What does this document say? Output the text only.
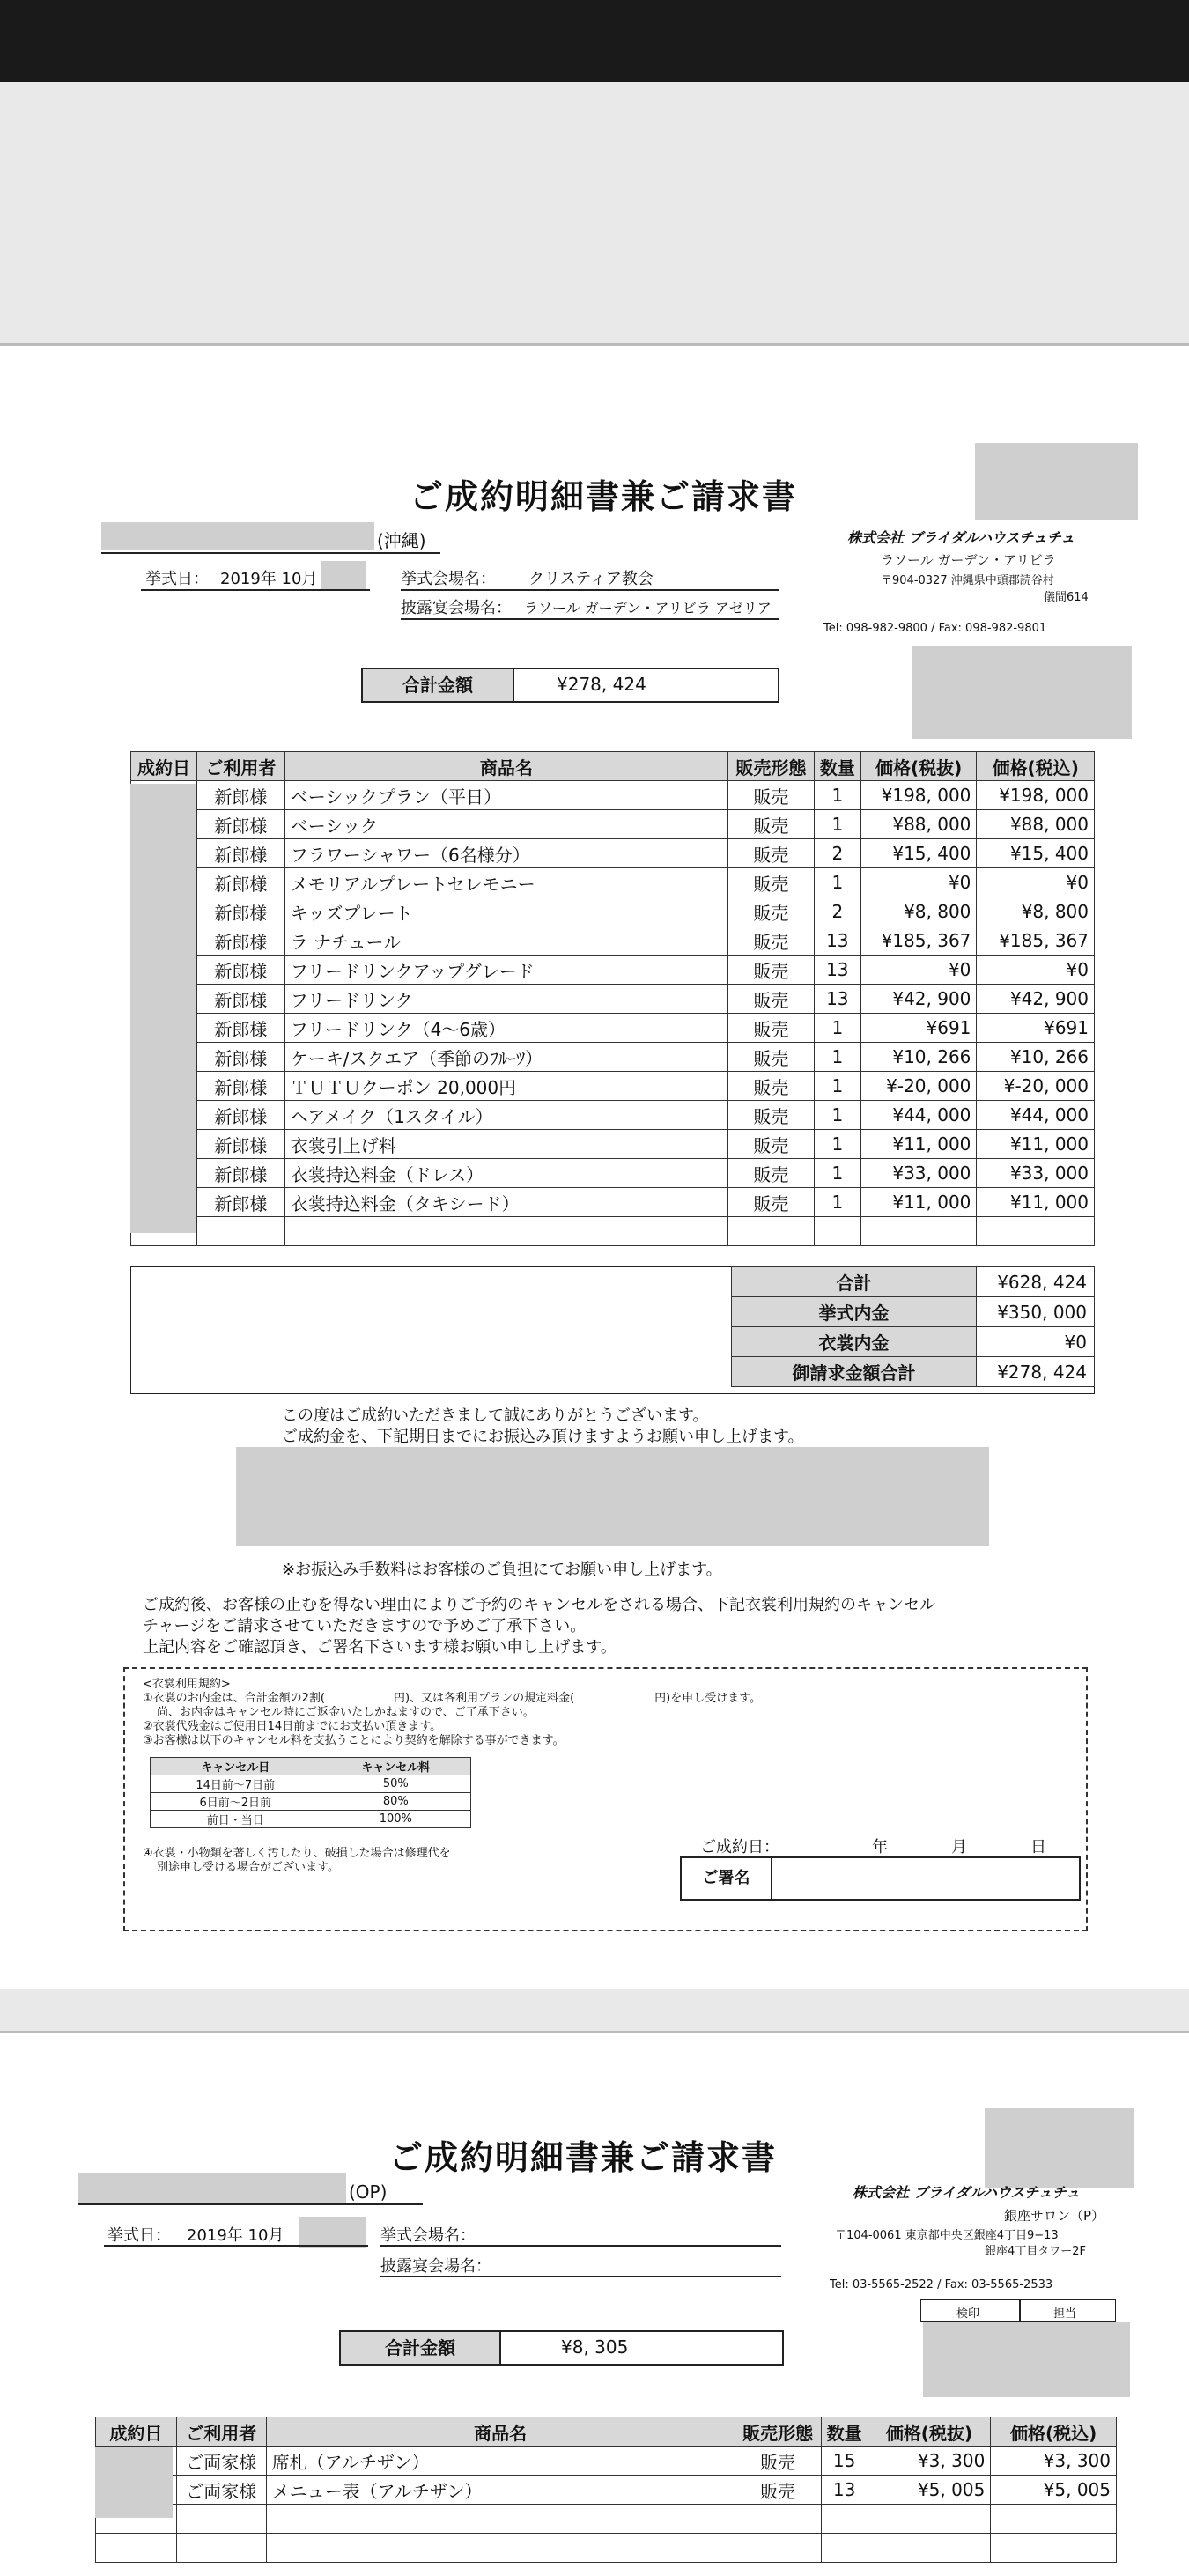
ご成約明細書兼ご請求書
(沖縄)
挙式日： 2019年 10月	挙式会場名： クリスティア教会
披露宴会場名： ラソール ガーデン・アリビラ アゼリア
株式会社 ブライダルハウスチュチュ
ラソール ガーデン・アリビラ
〒904-0327 沖縄県中頭郡読谷村
儀間614
Tel: 098-982-9800 / Fax: 098-982-9801
合計金額	¥278, 424
成約日	ご利用者	商品名	販売形態	数量	価格(税抜)	価格(税込)
	新郎様	ベーシックプラン（平日）	販売	1	¥198, 000	¥198, 000
	新郎様	ベーシック	販売	1	¥88, 000	¥88, 000
	新郎様	フラワーシャワー（6名様分）	販売	2	¥15, 400	¥15, 400
	新郎様	メモリアルプレートセレモニー	販売	1	¥0	¥0
	新郎様	キッズプレート	販売	2	¥8, 800	¥8, 800
	新郎様	ラ ナチュール	販売	13	¥185, 367	¥185, 367
	新郎様	フリードリンクアップグレード	販売	13	¥0	¥0
	新郎様	フリードリンク	販売	13	¥42, 900	¥42, 900
	新郎様	フリードリンク（4〜6歳）	販売	1	¥691	¥691
	新郎様	ケーキ/スクエア（季節のﾌﾙｰﾂ）	販売	1	¥10, 266	¥10, 266
	新郎様	ＴＵＴＵクーポン 20,000円	販売	1	¥-20, 000	¥-20, 000
	新郎様	ヘアメイク（1スタイル）	販売	1	¥44, 000	¥44, 000
	新郎様	衣裳引上げ料	販売	1	¥11, 000	¥11, 000
	新郎様	衣裳持込料金（ドレス）	販売	1	¥33, 000	¥33, 000
	新郎様	衣裳持込料金（タキシード）	販売	1	¥11, 000	¥11, 000

合計	¥628, 424
挙式内金	¥350, 000
衣裳内金	¥0
御請求金額合計	¥278, 424
この度はご成約いただきまして誠にありがとうございます。
ご成約金を、下記期日までにお振込み頂けますようお願い申し上げます。
※お振込み手数料はお客様のご負担にてお願い申し上げます。
ご成約後、お客様の止むを得ない理由によりご予約のキャンセルをされる場合、下記衣裳利用規約のキャンセル
チャージをご請求させていただきますので予めご了承下さい。
上記内容をご確認頂き、ご署名下さいます様お願い申し上げます。
<衣裳利用規約>
①衣裳のお内金は、合計金額の2割(　　　　　　円)、又は各利用プランの規定料金(　　　　　　　円)を申し受けます。
尚、お内金はキャンセル時にご返金いたしかねますので、ご了承下さい。
②衣裳代残金はご使用日14日前までにお支払い頂きます。
③お客様は以下のキャンセル料を支払うことにより契約を解除する事ができます。
キャンセル日	キャンセル料
14日前〜7日前	50%
6日前〜2日前	80%
前日・当日	100%
④衣裳・小物類を著しく汚したり、破損した場合は修理代を
別途申し受ける場合がございます。
ご成約日：	年	月	日
ご署名
ご成約明細書兼ご請求書
(OP)
挙式日： 2019年 10月	挙式会場名：
披露宴会場名：
株式会社 ブライダルハウスチュチュ
銀座サロン（P）
〒104-0061 東京都中央区銀座4丁目9−13
銀座4丁目タワー2F
Tel: 03-5565-2522 / Fax: 03-5565-2533
検印	担当
合計金額	¥8, 305
成約日	ご利用者	商品名	販売形態	数量	価格(税抜)	価格(税込)
	ご両家様	席札（アルチザン）	販売	15	¥3, 300	¥3, 300
	ご両家様	メニュー表（アルチザン）	販売	13	¥5, 005	¥5, 005
